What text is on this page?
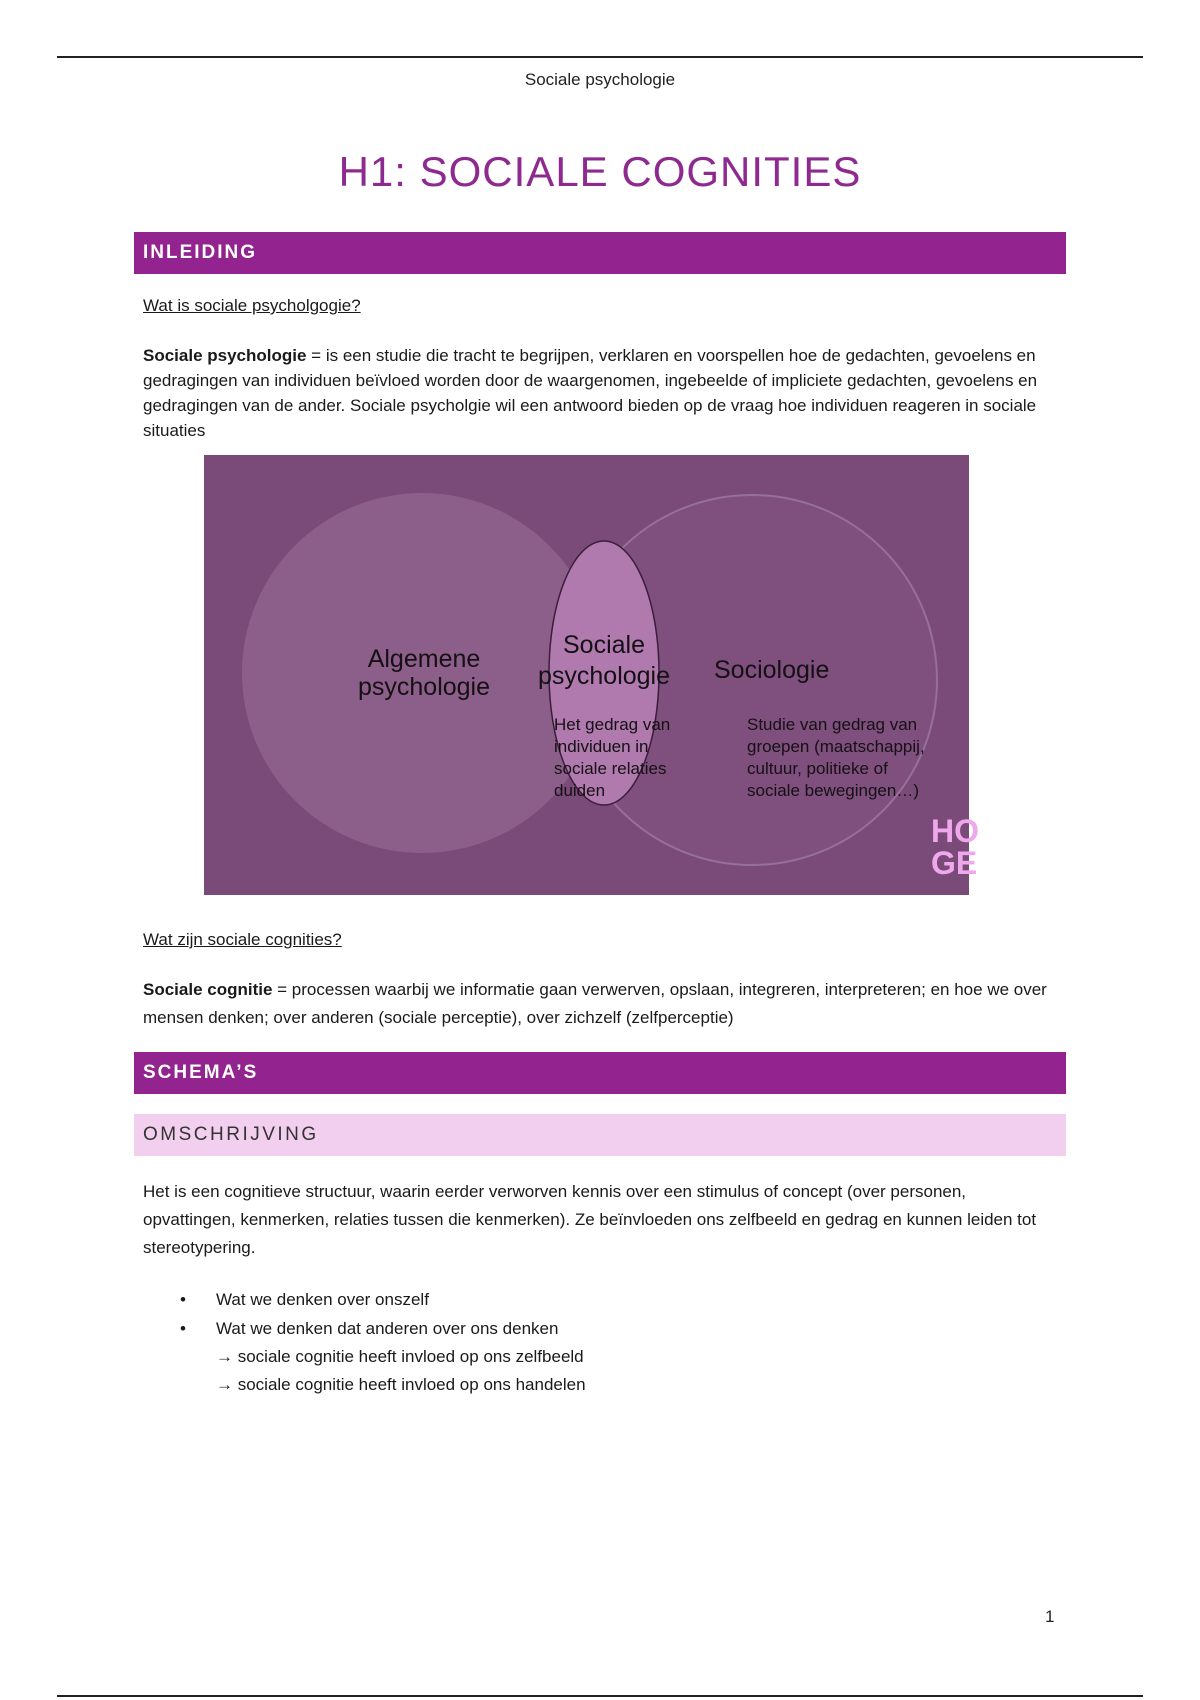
Sociale psychologie
H1: SOCIALE COGNITIES
INLEIDING
Wat is sociale psycholgogie?
Sociale psychologie = is een studie die tracht te begrijpen, verklaren en voorspellen hoe de gedachten, gevoelens en gedragingen van individuen beïvloed worden door de waargenomen, ingebeelde of impliciete gedachten, gevoelens en gedragingen van de ander. Sociale psycholgie wil een antwoord bieden op de vraag hoe individuen reageren in sociale situaties
Algemene
psychologie
Sociale
psychologie	Sociologie
Het gedrag van
individuen in
sociale relaties
duiden
Studie van gedrag van
groepen (maatschappij,
cultuur, politieke of
sociale bewegingen…)
HO
GE
Wat zijn sociale cognities?
Sociale cognitie = processen waarbij we informatie gaan verwerven, opslaan, integreren, interpreteren; en hoe we over mensen denken; over anderen (sociale perceptie), over zichzelf (zelfperceptie)
SCHEMA’S
OMSCHRIJVING
Het is een cognitieve structuur, waarin eerder verworven kennis over een stimulus of concept (over personen, opvattingen, kenmerken, relaties tussen die kenmerken). Ze beïnvloeden ons zelfbeeld en gedrag en kunnen leiden tot stereotypering.
• Wat we denken over onszelf
• Wat we denken dat anderen over ons denken
→ sociale cognitie heeft invloed op ons zelfbeeld
→ sociale cognitie heeft invloed op ons handelen
1
